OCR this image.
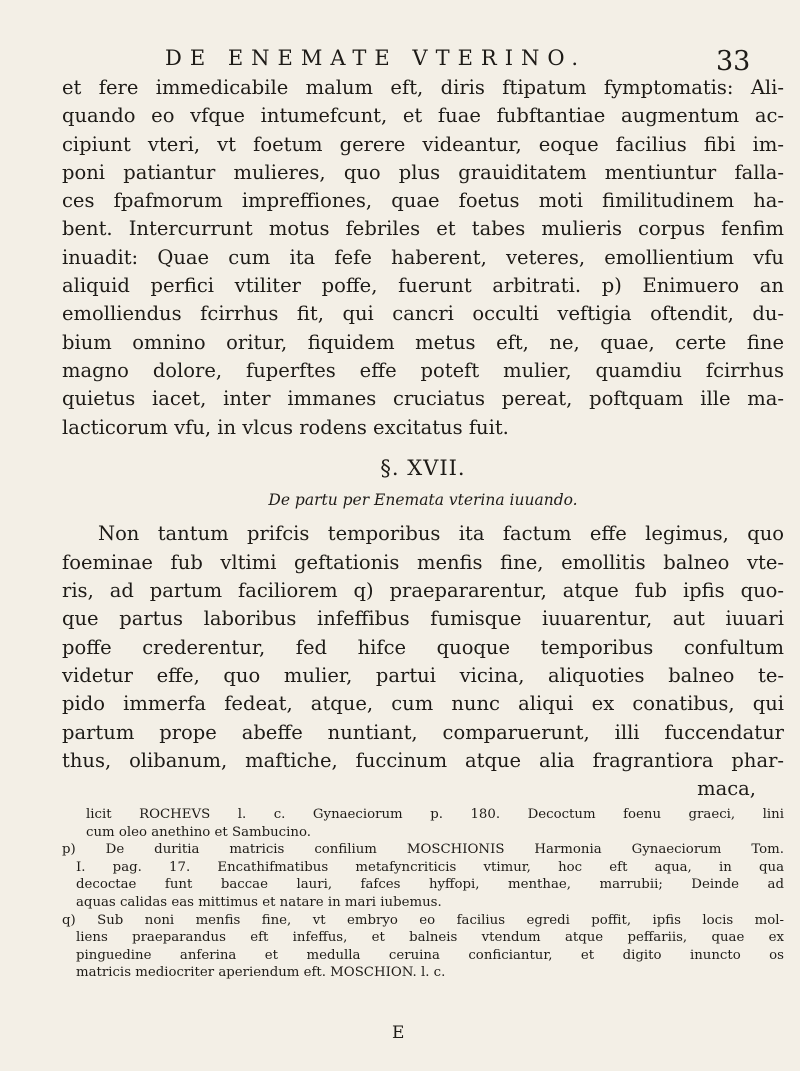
DE ENEMATE VTERINO.	33
et fere immedicabile malum eft, diris ftipatum fymptomatis: Ali-
quando eo vfque intumefcunt, et fuae fubftantiae augmentum ac-
cipiunt vteri, vt foetum gerere videantur, eoque facilius fibi im-
poni patiantur mulieres, quo plus grauiditatem mentiuntur falla-
ces fpafmorum impreffiones, quae foetus moti fimilitudinem ha-
bent. Intercurrunt motus febriles et tabes mulieris corpus fenfim
inuadit: Quae cum ita fefe haberent, veteres, emollientium vfu
aliquid perfici vtiliter poffe, fuerunt arbitrati. p) Enimuero an
emolliendus fcirrhus fit, qui cancri occulti veftigia oftendit, du-
bium omnino oritur, fiquidem metus eft, ne, quae, certe fine
magno dolore, fuperftes effe poteft mulier, quamdiu fcirrhus
quietus iacet, inter immanes cruciatus pereat, poftquam ille ma-
lacticorum vfu, in vlcus rodens excitatus fuit.
§. XVII.
De partu per Enemata vterina iuuando.
Non tantum prifcis temporibus ita factum effe legimus, quo
foeminae fub vltimi geftationis menfis fine, emollitis balneo vte-
ris, ad partum faciliorem q) praepararentur, atque fub ipfis quo-
que partus laboribus infeffibus fumisque iuuarentur, aut iuuari
poffe crederentur, fed hifce quoque temporibus confultum
videtur effe, quo mulier, partui vicina, aliquoties balneo te-
pido immerfa fedeat, atque, cum nunc aliqui ex conatibus, qui
partum prope abeffe nuntiant, comparuerunt, illi fuccendatur
thus, olibanum, maftiche, fuccinum atque alia fragrantiora phar-
maca,
licit ROCHEVS l. c. Gynaeciorum p. 180. Decoctum foenu graeci, lini
cum oleo anethino et Sambucino.
p) De duritia matricis confilium MOSCHIONIS Harmonia Gynaeciorum Tom.
I. pag. 17. Encathifmatibus metafyncriticis vtimur, hoc eft aqua, in qua
decoctae funt baccae lauri, fafces hyffopi, menthae, marrubii; Deinde ad
aquas calidas eas mittimus et natare in mari iubemus.
q) Sub noni menfis fine, vt embryo eo facilius egredi poffit, ipfis locis mol-
liens praeparandus eft infeffus, et balneis vtendum atque peffariis, quae ex
pinguedine anferina et medulla ceruina conficiantur, et digito inuncto os
matricis mediocriter aperiendum eft. MOSCHION. l. c.
E
